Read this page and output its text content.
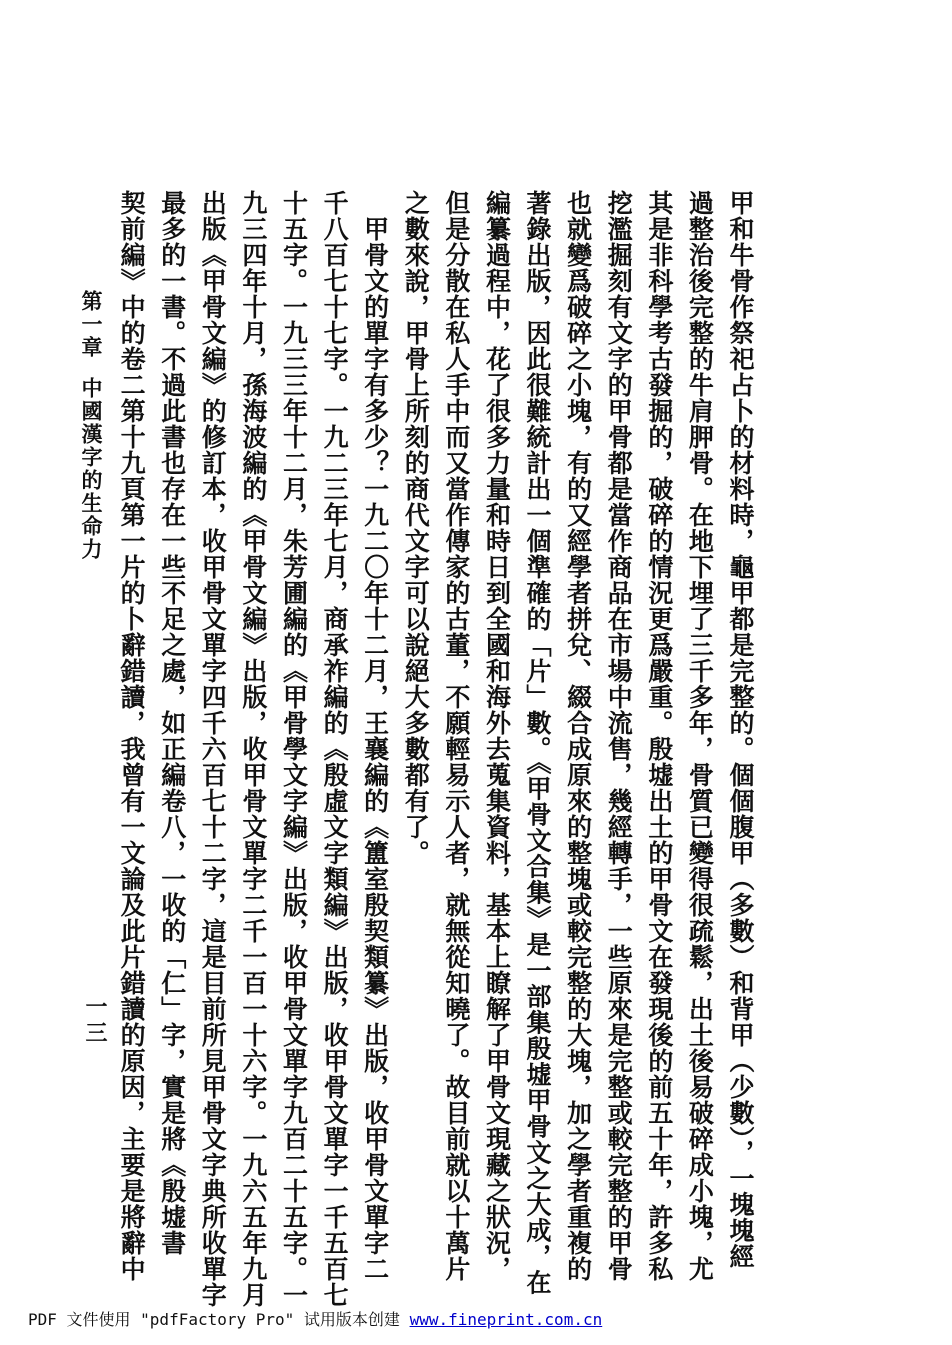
甲和牛骨作祭祀占卜的材料時，龜甲都是完整的。個個腹甲（多數）和背甲（少數），一塊塊經
過整治後完整的牛肩胛骨。在地下埋了三千多年，骨質已變得很疏鬆，出土後易破碎成小塊，尤
其是非科學考古發掘的，破碎的情況更爲嚴重。殷墟出土的甲骨文在發現後的前五十年，許多私
挖濫掘刻有文字的甲骨都是當作商品在市場中流售，幾經轉手，一些原來是完整或較完整的甲骨
也就變爲破碎之小塊，有的又經學者拼兌、綴合成原來的整塊或較完整的大塊，加之學者重複的
著錄出版，因此很難統計出一個準確的「片」數。《甲骨文合集》是一部集殷墟甲骨文之大成，在
編纂過程中，花了很多力量和時日到全國和海外去蒐集資料，基本上瞭解了甲骨文現藏之狀況，
但是分散在私人手中而又當作傳家的古董，不願輕易示人者，就無從知曉了。故目前就以十萬片
之數來說，甲骨上所刻的商代文字可以說絕大多數都有了。
　甲骨文的單字有多少？一九二〇年十二月，王襄編的《簠室殷契類纂》出版，收甲骨文單字二
千八百七十七字。一九二三年七月，商承祚編的《殷虛文字類編》出版，收甲骨文單字一千五百七
十五字。一九三三年十二月，朱芳圃編的《甲骨學文字編》出版，收甲骨文單字九百二十五字。一
九三四年十月，孫海波編的《甲骨文編》出版，收甲骨文單字二千一百一十六字。一九六五年九月
出版《甲骨文編》的修訂本，收甲骨文單字四千六百七十二字，這是目前所見甲骨文字典所收單字
最多的一書。不過此書也存在一些不足之處，如正編卷八，一收的「仁」字，實是將《殷墟書
契前編》中的卷二第十九頁第一片的卜辭錯讀，我曾有一文論及此片錯讀的原因，主要是將辭中
第一章中國漢字的生命力
一三
PDF 文件使用 "pdfFactory Pro" 试用版本创建 www.fineprint.com.cn
